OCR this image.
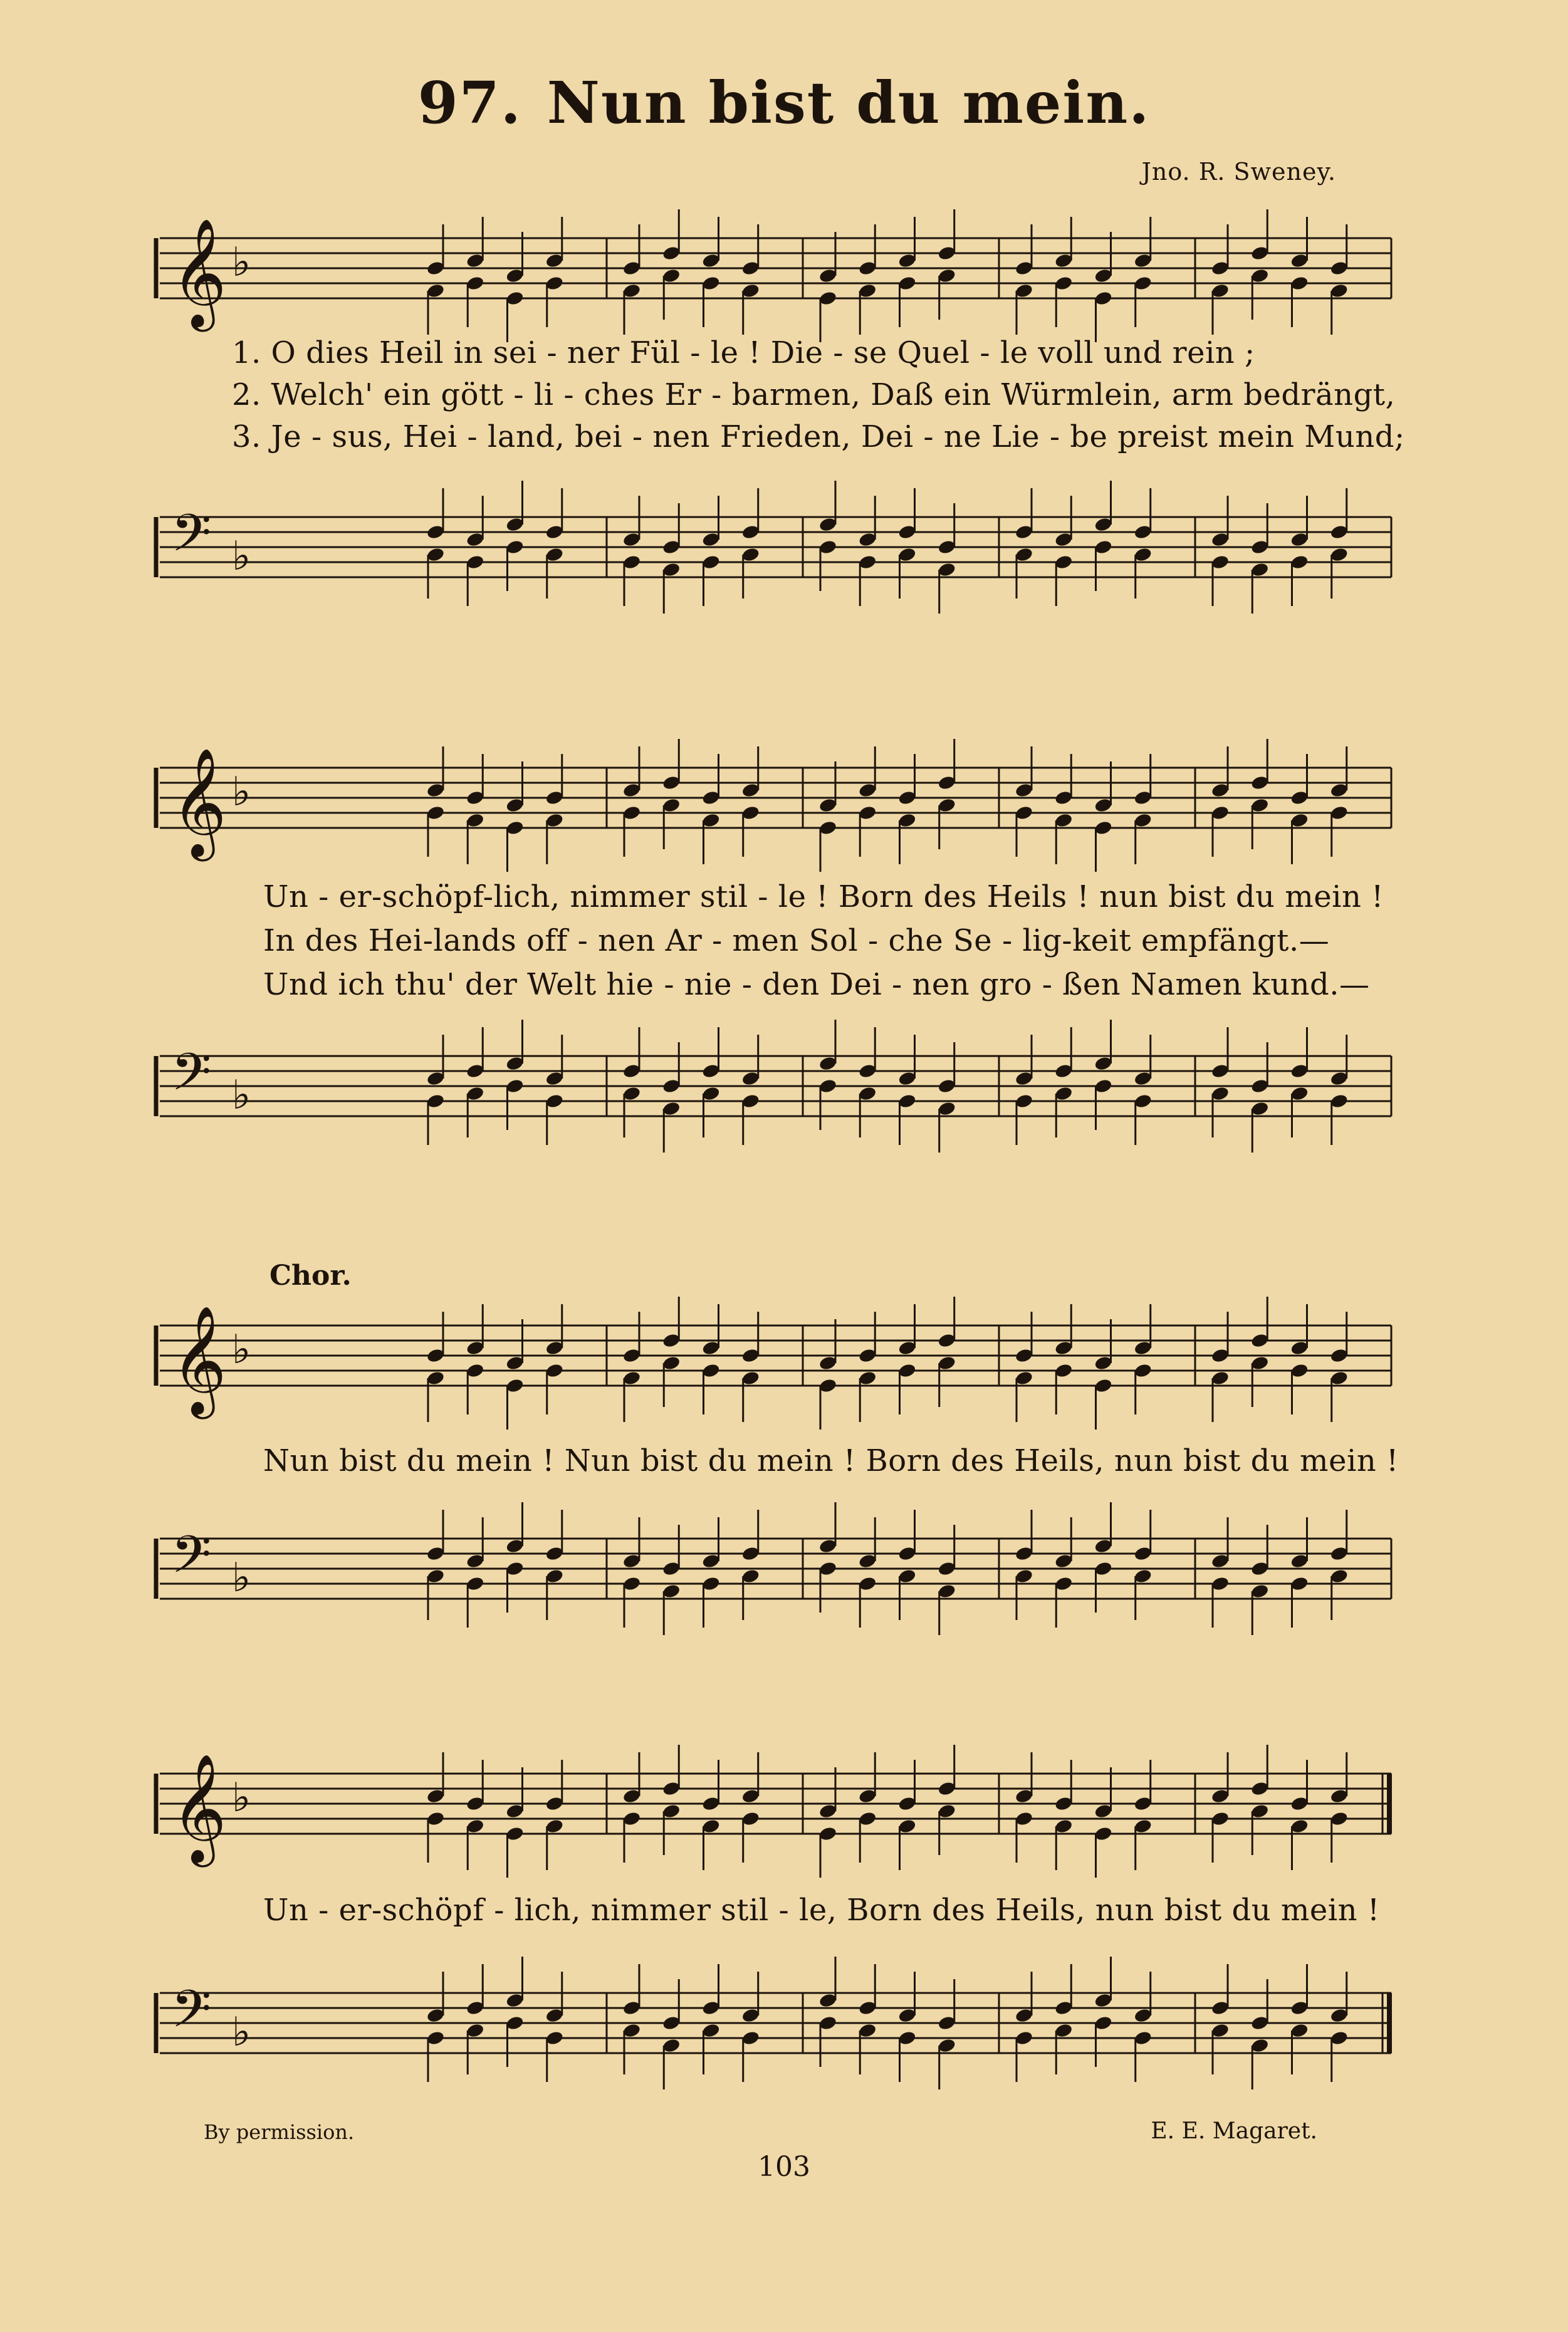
97. Nun bist du mein.
Jno. R. Sweney.
𝄞 ♭
1. O dies Heil in sei - ner Fül - le ! Die - se Quel - le voll und rein ;
2. Welch' ein gött - li - ches Er - barmen, Daß ein Würmlein, arm bedrängt,
3. Je - sus, Hei - land, bei - nen Frieden, Dei - ne Lie - be preist mein Mund;
𝄢 ♭
𝄞 ♭
Un - er-schöpf-lich, nimmer stil - le ! Born des Heils ! nun bist du mein !
In des Hei-lands off - nen Ar - men Sol - che Se - lig-keit empfängt.—
Und ich thu' der Welt hie - nie - den Dei - nen gro - ßen Namen kund.—
𝄢 ♭
Chor.
𝄞 ♭
Nun bist du mein ! Nun bist du mein ! Born des Heils, nun bist du mein !
𝄢 ♭
𝄞 ♭
Un - er-schöpf - lich, nimmer stil - le, Born des Heils, nun bist du mein !
𝄢 ♭
By permission.	E. E. Magaret.
103
